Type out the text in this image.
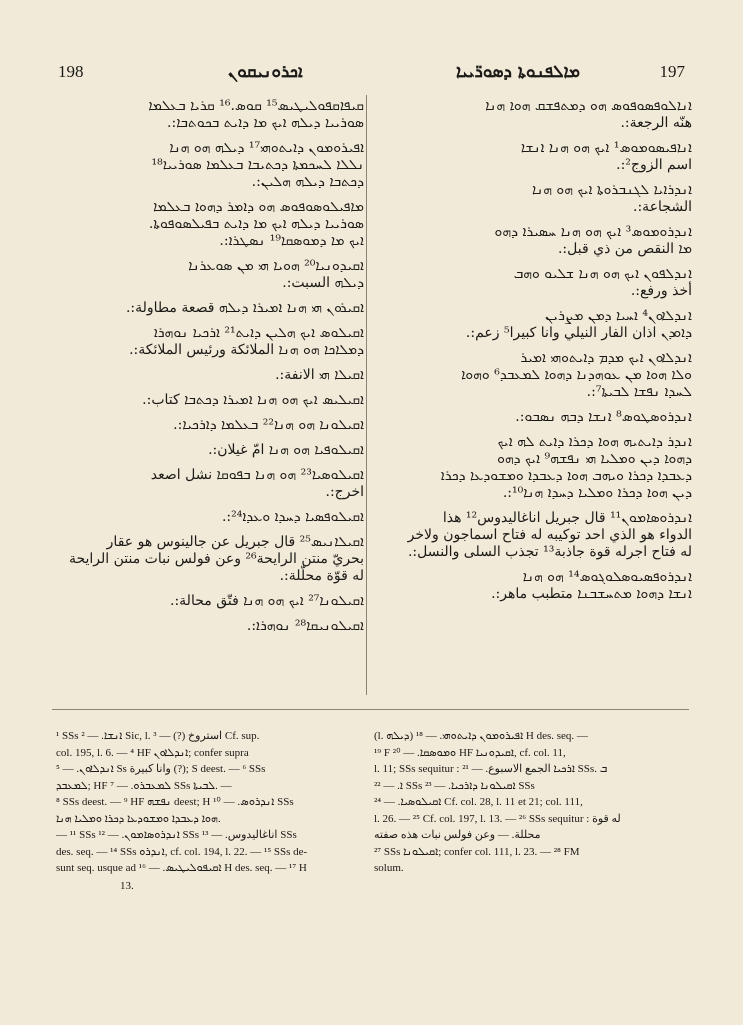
198	ܐܟܪܘܢܝܩܘܢ	ܡܐܠܦܢܘܬܐ ܕܣܘܪ̈ܝܝܐ	197
ܩܝܦܐܩܦܘܠܝܛܝܣ¹⁵ ܩܘܣ.¹⁶ ܩܪܝܐ ܒܥܠܡܐ
ܣܘܪܝܝܐ ܕܝܠܗ ܐܝܟ ܡܐ ܕܐܝܬ ܒܟܘܬܒܐ:.
ܐܦܝܪܘܡܘܢ ܕܐܝܬܘܗܝ¹⁷ ܕܝܠܗ ܗܘ ܗܢܐ
ܢܠܠܐ ܠܚܟܡܬܐ ܕܟܬܝܒܐ ܒܥܠܡܐ ܣܘܪܝܝܐ¹⁸
ܕܟܬܒܐ ܕܝܠܗ ܗܠܝܢ:.
ܡܐܦܝܠܘܣܘܦܘܣ ܗܘ ܕܐܡܪ ܕܗܘܐ ܒܥܠܡܐ
ܣܘܪܝܝܐ ܕܝܠܗ ܐܝܟ ܡܐ ܕܐܝܬ ܒܦܝܠܣܘܦܘܬܐ.
ܐܝܟ ܡܐ ܕܡܘܣܩܐ¹⁹ ܢܣܛܪܐ:.
ܐܩܝܕܘܢܝܐ²⁰ ܗܘܝܐ ܗܝ ܡܢ ܣܘܥܪܢܐ
ܕܝܠܗ السبت:.
ܐܩܝܪܘܢ ܗܝ ܗܢܐ ܐܡܝܪܐ ܕܝܠܗ قصعة مطاولة:.
ܐܩܝܠܘܣ ܐܝܟ ܗܠܝܢ ܕܐܝܬ²¹ ܐܪܟܝܐ ܢܘܗܪܐ
ܕܡܠܐܟܐ ܗܘ ܗܢܐ الملائكة ورئيس الملائكة:.
ܐܩܝܠܐ ܗܝ الانفة:.
ܐܩܝܠܝܣ ܐܝܟ ܗܘ ܗܢܐ ܐܡܝܪܐ ܕܟܬܒܐ كتاب:.
ܐܩܝܠܘܢܐ ܗܘ ܗܢܐ²² ܒܥܠܡܐ ܕܐܪܟܝܐ:.
ܐܩܝܠܘܦܝܐ ܗܘ ܗܢܐ امّ غيلان:.
ܐܩܝܠܘܣܝܐ²³ ܗܘ ܗܢܐ ܒܦܘܩܐ نشل اصعد
اخرج:.
ܐܩܝܠܘܦܣܝܐ ܕܚܕܐ ܘܥܕܐ²⁴:.
ܐܩܝܠܐܢܝܣ²⁵ قال جبريل عن جالينوس هو عقار
بحريّ منتن الرايحة²⁶ وعن فولس نبات منتن الرايحة
له قوّة محلّلة:.
ܐܩܝܠܘܢܐ²⁷ ܐܝܟ ܗܘ ܗܢܐ فتّق محالة:.
ܐܩܝܠܘܢܝܩܐ²⁸ ܢܘܗܪܐ:.
ܐܢܐܠܘܦܣܘܦܘܣ ܗܘ ܕܡܬܦܫܩ ܗܘܐ ܗܢܐ
هنّه الرجعة:.
ܐܢܐܦܝܣܘܡܘܣ¹ ܐܝܟ ܗܘ ܗܢܐ ܐܢܫܐ
اسم الزوج²:.
ܐܢܕܪܐܝܐ ܠܓܢܒܪܘܬܐ ܐܝܟ ܗܘ ܗܢܐ
الشجاعة:.
ܐܢܕܪܘܡܘܣ³ ܐܝܟ ܗܘ ܗܢܐ ܚܣܝܪܐ ܕܗܘ
ܡܐ النقص من ذي قبل:.
ܐܢܕܠܦܘܢ ܐܝܟ ܗܘ ܗܢܐ ܫܠܝܘ ܘܗܒ
أخذ ورفع:.
ܐܢܕܠܐܘܢ⁴ ܐܚܝܐ ܕܡܢ ܡܨܪܝܢ
ܕܐܘܕܢ اذان الفار النيلي وانا كبيرا⁵ زعم:.
ܐܢܕܠܐܘܢ ܐܝܟ ܡܕܡ ܕܐܝܬܘܗܝ ܐܡܝܪ
ܘܠܐ ܗܘܐ ܡܢ ܥܘܗܕܢܐ ܕܗܘܐ ܠܡܥܒܕ⁶ ܘܗܘܐ
ܠܚܕܐ ܢܦܫܐ ܠܒܝܬܐ⁷:.
ܐܢܕܪܘܣܛܘܣ⁸ ܐܢܫܐ ܕܒܗ ܢܣܒܘ:.
ܐܢܕܪ ܕܐܝܬܝܗ ܗܘܐ ܕܟܪܐ ܕܐܝܬ ܠܗ ܐܝܟ
ܕܗܘܐ ܕܝܢ ܘܡܠܝܐ ܗܝ ܢܦܫܗ⁹ ܐܝܟ ܕܗܘ
ܕܥܒܕܐ ܕܟܪܐ ܘܝܗܒ ܗܘܐ ܕܥܒܕܐ ܘܡܫܘܕܥܐ ܕܟܪܐ
ܕܝܢ ܗܘܐ ܕܟܪܐ ܘܡܠܝܐ ܕܚܕܐ ܗܢܐ¹⁰:.
ܐܢܕܪܘܣܐܡܘܢ¹¹ قال جبريل اناغاليدوس¹² هذا
الدواء هو الذي احد توكيبه له فتاح اسماجون ولاخر
له فتاح اجرله قوة جاذبة¹³ تجذب السلى والنسل:.
ܐܢܕܪܘܦܣܝܘܣܠܘܓܘܣ¹⁴ ܗܘ ܗܢܐ
ܐܢܫܐ ܕܗܘܐ ܡܬܚܫܒܢܐ متطبب ماهر:.
¹ SSs ܐܢܫܐ. — ² Sic, l. استروخ (?) — ³ Cf. sup.
col. 195, l. 6. — ⁴ HF ܐܢܕܠܐܘܢ; confer supra
ܐܢܕܠܐܘܢ. — ⁵ Ss وانا كبيرة (?); S deest. — ⁶ SSs
ܠܡܥܒܕ; HF ܠܡܥܒܪܘ. — ⁷ SSs ܠܒܝܬܐ. —
⁸ SSs deest. — ⁹ HF ܢܦܫܗ deest; H ܐܢܕܪܘܣ. — ¹⁰ SSs
ܗܘܐ ܕܥܒܕܐ ܘܡܫܘܕܥܐ ܕܟܪܐ ܘܡܠܝܐ ܗܢܐ.
— ¹¹ SSs ܐܢܕܪܘܣܐܡܘܢ. — ¹² SSs اناغاليدوس. — ¹³ SSs
des. seq. — ¹⁴ SSs ܐܢܕܪܘ, cf. col. 194, l. 22. — ¹⁵ SSs de-
sunt seq. usque ad ܐܩܝܦܘܠܝܛܝܣ. — ¹⁶ H des. seq. — ¹⁷ H
(l. ܕܝܠܗ) ܐܦܝܪܘܡܘܢ ܕܐܝܬܘܗܝ. — ¹⁸ H des. seq. —
¹⁹ F ܘܡܘܣܩܐ. — ²⁰ HF ܐܩܝܕܘܢܝܐ, cf. col. 11,
l. 11; SSs sequitur : ܐܪܟܝܐ الجمع الاسبوع. — ²¹ SSs. ܒ
ܐ. — ²² SSs ܐܩܝܠܘܢܐ ܕܐܪܟܝܐ. — ²³ SSs
ܐܩܝܠܘܣܝܐ. — ²⁴ Cf. col. 28, l. 11 et 21; col. 111,
l. 26. — ²⁵ Cf. col. 197, l. 13. — ²⁶ SSs sequitur : له قوة
محللة. — وعن فولس نبات هذه صفته
²⁷ SSs ܐܩܝܠܘܢܐ; confer col. 111, l. 23. — ²⁸ FM
solum.
13.
